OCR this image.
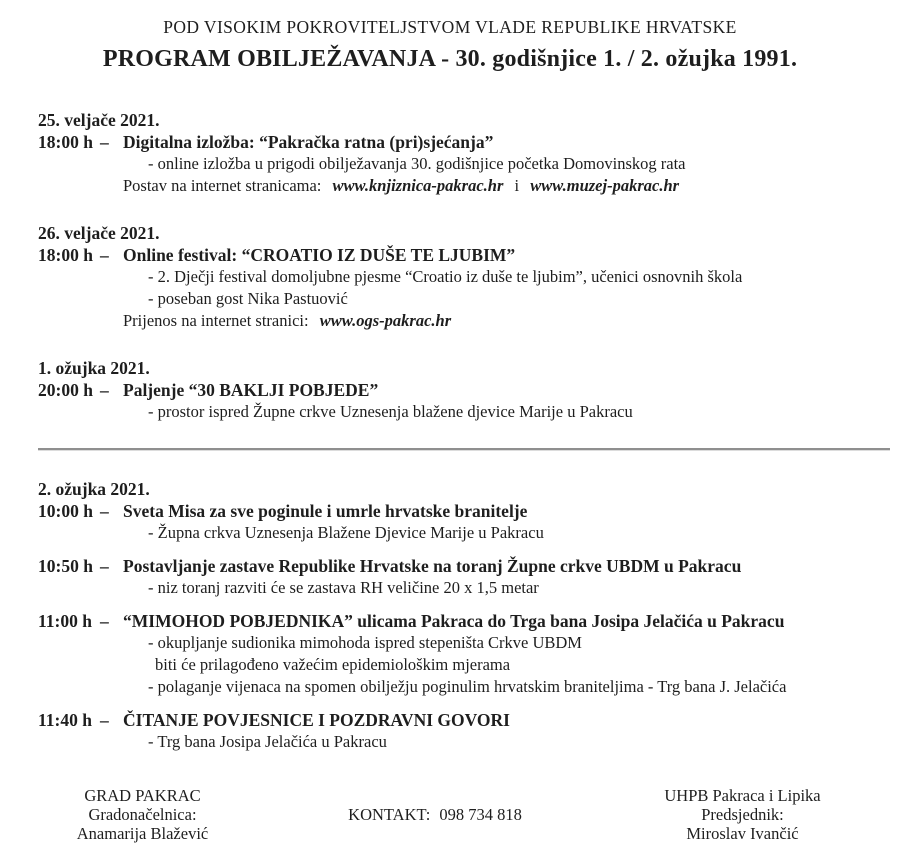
POD VISOKIM POKROVITELJSTVOM VLADE REPUBLIKE HRVATSKE
PROGRAM OBILJEŽAVANJA - 30. godišnjice 1. / 2. ožujka 1991.
25. veljače 2021.
18:00 h – Digitalna izložba: “Pakračka ratna (pri)sjećanja”
- online izložba u prigodi obilježavanja 30. godišnjice početka Domovinskog rata
Postav na internet stranicama: www.knjiznica-pakrac.hr i www.muzej-pakrac.hr
26. veljače 2021.
18:00 h – Online festival: “CROATIO IZ DUŠE TE LJUBIM”
- 2. Dječji festival domoljubne pjesme “Croatio iz duše te ljubim”, učenici osnovnih škola
- poseban gost Nika Pastuović
Prijenos na internet stranici: www.ogs-pakrac.hr
1. ožujka 2021.
20:00 h – Paljenje “30 BAKLJI POBJEDE”
- prostor ispred Župne crkve Uznesenja blažene djevice Marije u Pakracu
2. ožujka 2021.
10:00 h – Sveta Misa za sve poginule i umrle hrvatske branitelje
- Župna crkva Uznesenja Blažene Djevice Marije u Pakracu
10:50 h – Postavljanje zastave Republike Hrvatske na toranj Župne crkve UBDM u Pakracu
- niz toranj razviti će se zastava RH veličine 20 x 1,5 metar
11:00 h – “MIMOHOD POBJEDNIKA” ulicama Pakraca do Trga bana Josipa Jelačića u Pakracu
- okupljanje sudionika mimohoda ispred stepeništa Crkve UBDM
biti će prilagođeno važećim epidemiološkim mjerama
- polaganje vijenaca na spomen obilježju poginulim hrvatskim braniteljima - Trg bana J. Jelačića
11:40 h – ČITANJE POVJESNICE I POZDRAVNI GOVORI
- Trg bana Josipa Jelačića u Pakracu
GRAD PAKRAC
Gradonačelnica:
Anamarija Blažević
KONTAKT: 098 734 818
UHPB Pakraca i Lipika
Predsjednik:
Miroslav Ivančić
